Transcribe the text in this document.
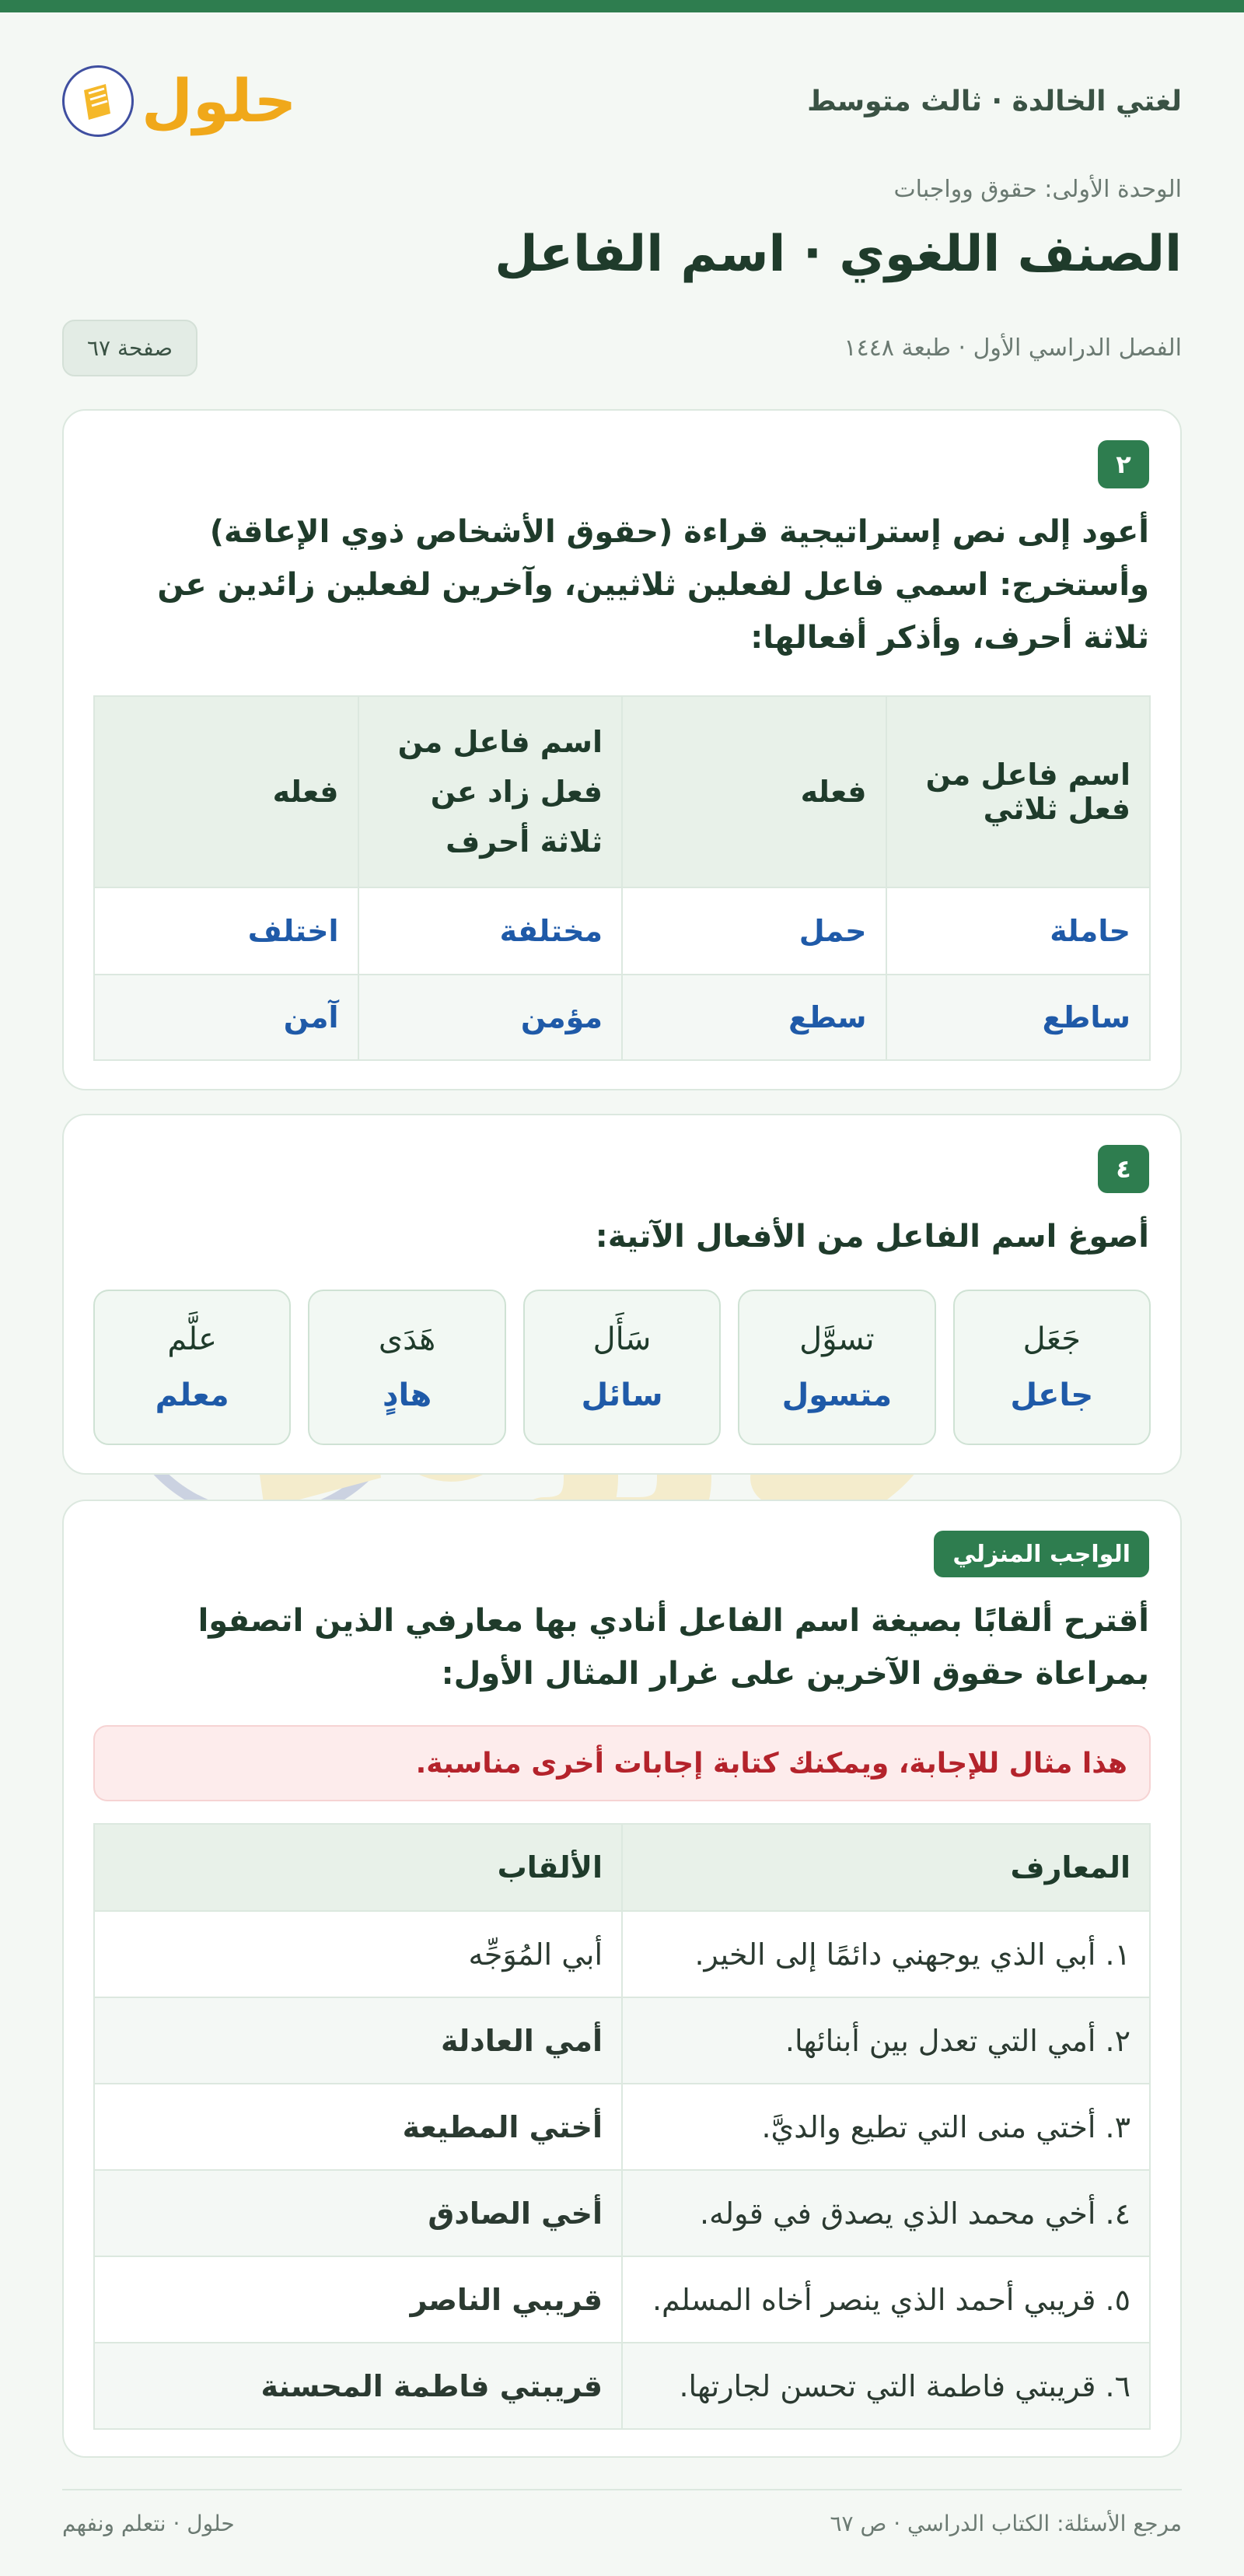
لغتي الخالدة · ثالث متوسط
حلول
الوحدة الأولى: حقوق وواجبات
الصنف اللغوي · اسم الفاعل
الفصل الدراسي الأول · طبعة ١٤٤٨
صفحة ٦٧
٢
أعود إلى نص إستراتيجية قراءة (حقوق الأشخاص ذوي الإعاقة) وأستخرج: اسمي فاعل لفعلين ثلاثيين، وآخرين لفعلين زائدين عن ثلاثة أحرف، وأذكر أفعالها:
اسم فاعل من فعل ثلاثي	فعله	اسم فاعل من فعل زاد عن ثلاثة أحرف	فعله
حاملة	حمل	مختلفة	اختلف
ساطع	سطع	مؤمن	آمن
٤
أصوغ اسم الفاعل من الأفعال الآتية:
جَعَل
جاعل
تسوَّل
متسول
سَأَل
سائل
هَدَى
هادٍ
علَّم
معلم
الواجب المنزلي
أقترح ألقابًا بصيغة اسم الفاعل أنادي بها معارفي الذين اتصفوا بمراعاة حقوق الآخرين على غرار المثال الأول:
هذا مثال للإجابة، ويمكنك كتابة إجابات أخرى مناسبة.
المعارف	الألقاب
١. أبي الذي يوجهني دائمًا إلى الخير.	أبي المُوَجِّه
٢. أمي التي تعدل بين أبنائها.	أمي العادلة
٣. أختي منى التي تطيع والديَّ.	أختي المطيعة
٤. أخي محمد الذي يصدق في قوله.	أخي الصادق
٥. قريبي أحمد الذي ينصر أخاه المسلم.	قريبي الناصر
٦. قريبتي فاطمة التي تحسن لجارتها.	قريبتي فاطمة المحسنة
مرجع الأسئلة: الكتاب الدراسي · ص ٦٧
حلول · نتعلم ونفهم
